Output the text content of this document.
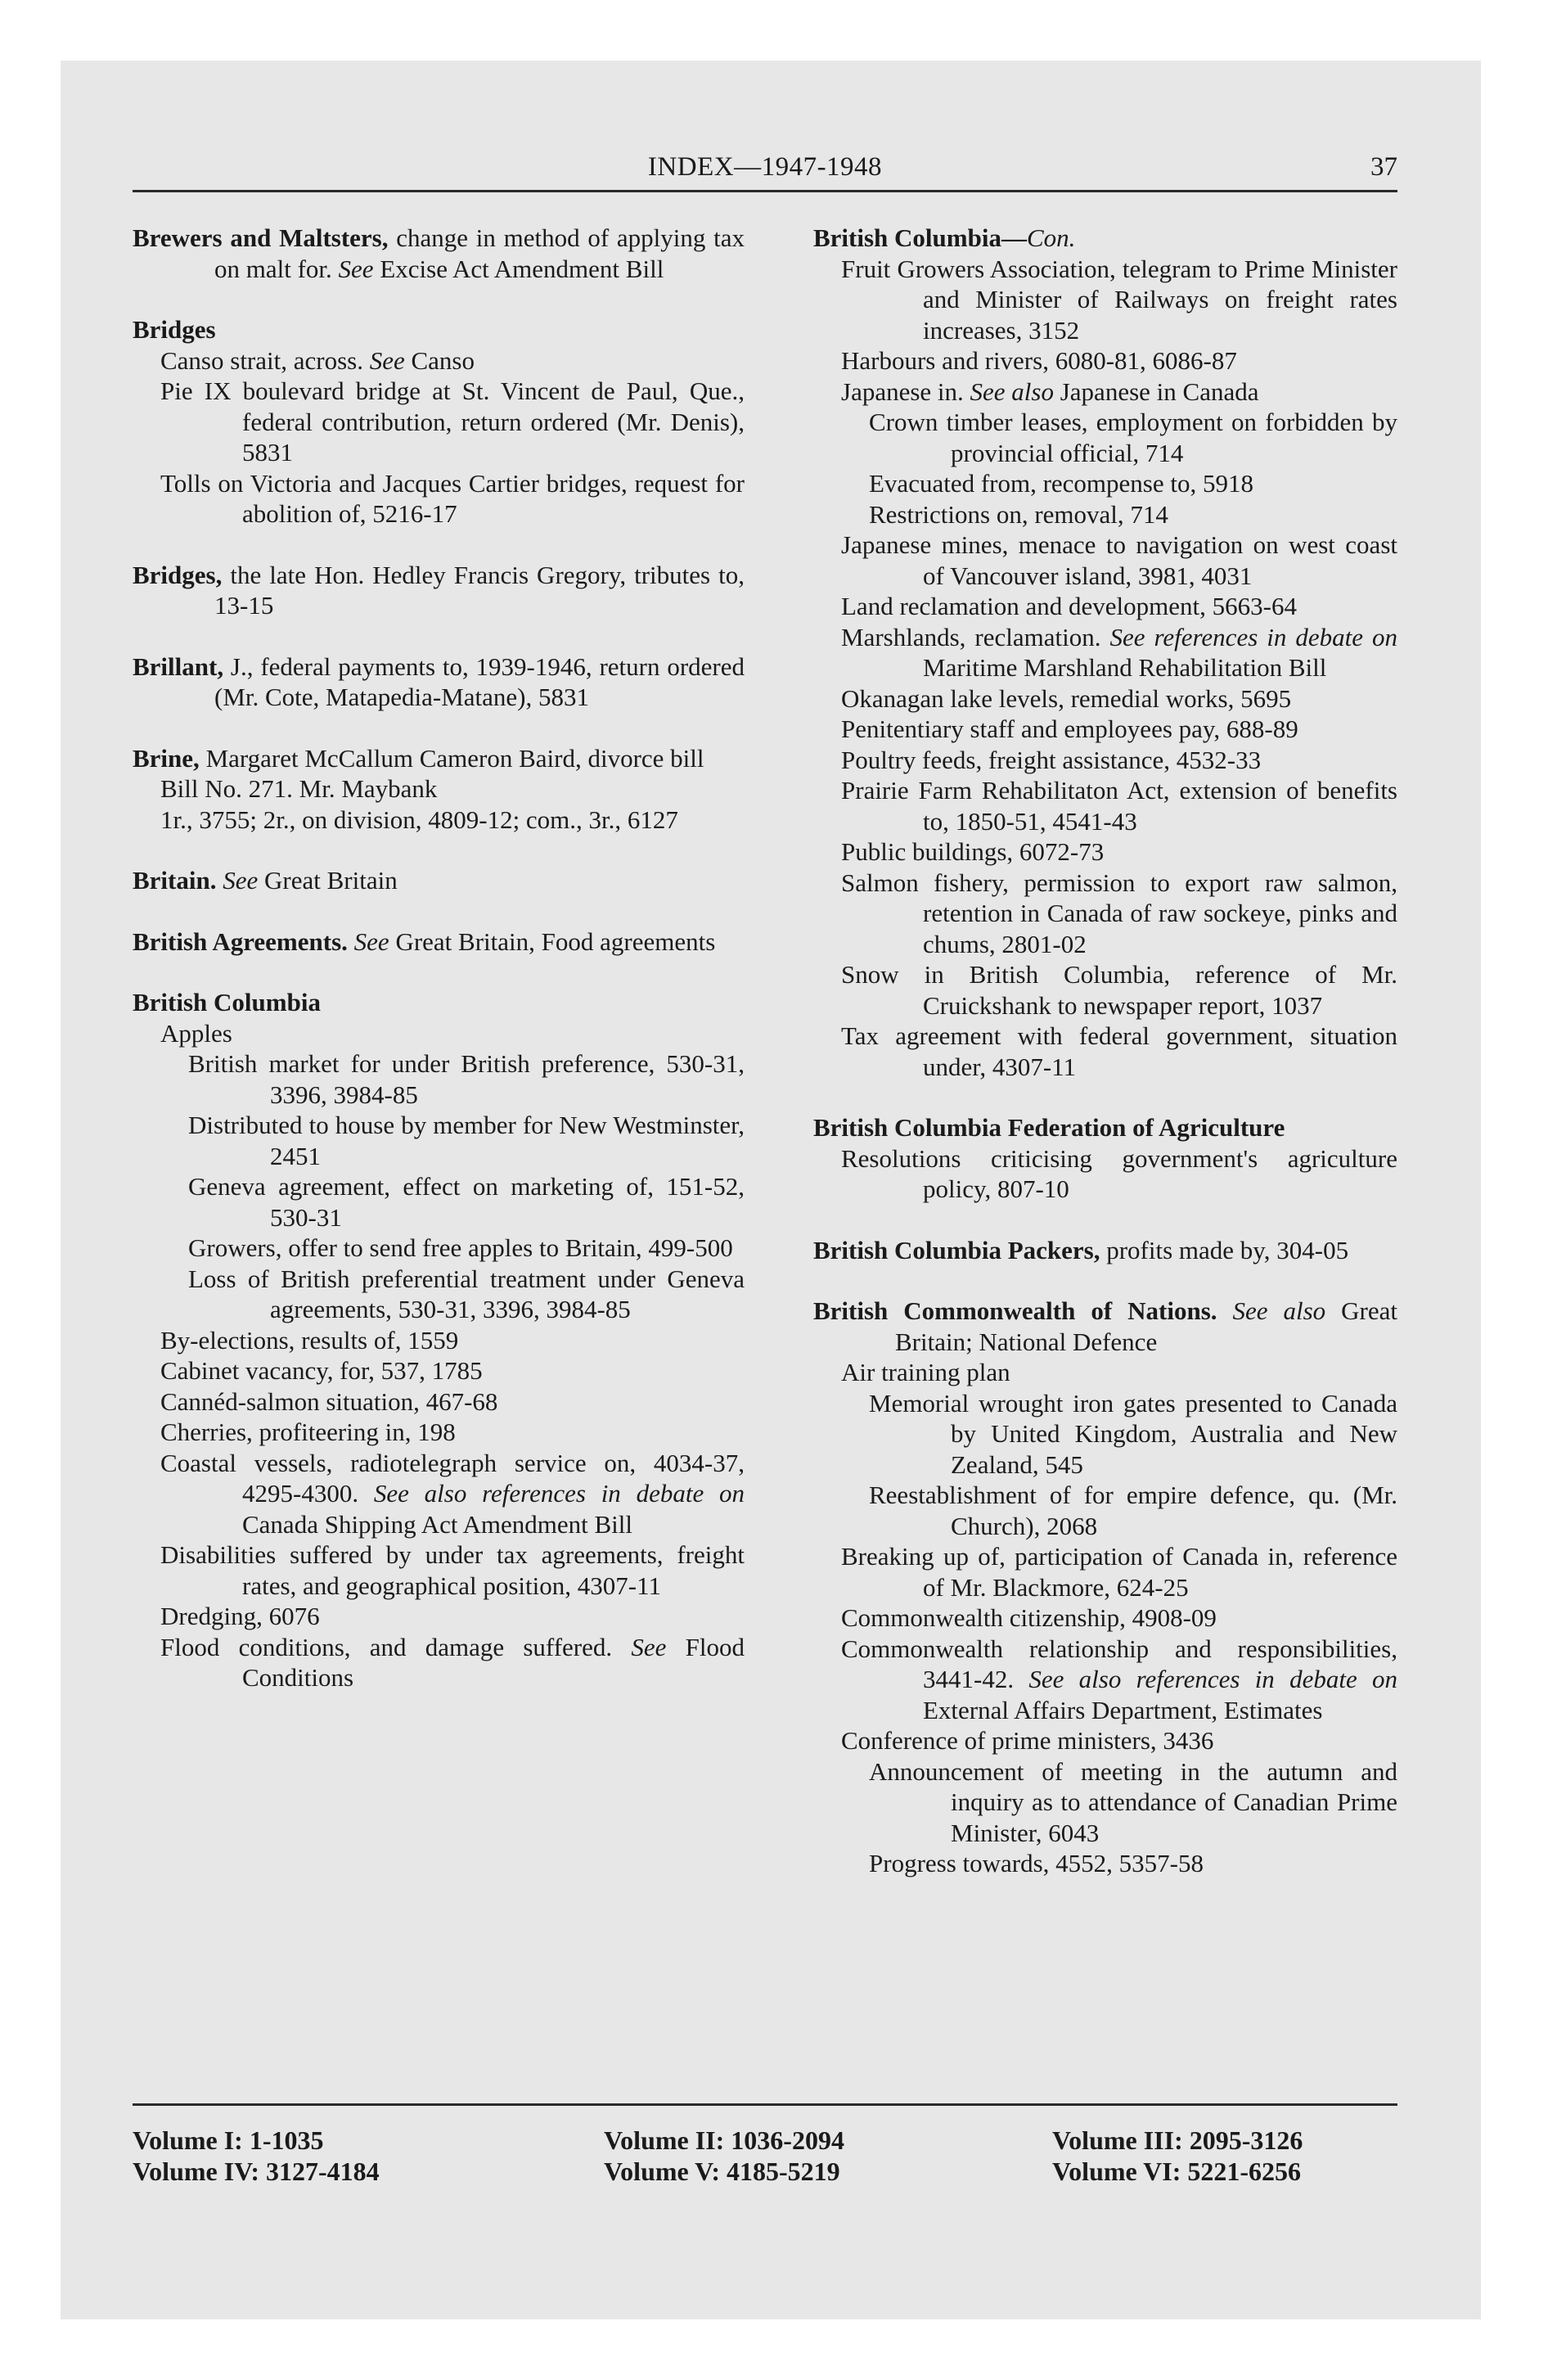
INDEX—1947-1948	37

Brewers and Maltsters, change in method of applying tax on malt for. See Excise Act Amendment Bill

Bridges

Canso strait, across. See Canso

Pie IX boulevard bridge at St. Vincent de Paul, Que., federal contribution, return ordered (Mr. Denis), 5831

Tolls on Victoria and Jacques Cartier bridges, request for abolition of, 5216-17

Bridges, the late Hon. Hedley Francis Gregory, tributes to, 13-15

Brillant, J., federal payments to, 1939-1946, return ordered (Mr. Cote, Matapedia-Matane), 5831

Brine, Margaret McCallum Cameron Baird, divorce bill

Bill No. 271. Mr. Maybank

1r., 3755; 2r., on division, 4809-12; com., 3r., 6127

Britain. See Great Britain

British Agreements. See Great Britain, Food agreements

British Columbia

Apples

British market for under British preference, 530-31, 3396, 3984-85

Distributed to house by member for New Westminster, 2451

Geneva agreement, effect on marketing of, 151-52, 530-31

Growers, offer to send free apples to Britain, 499-500

Loss of British preferential treatment under Geneva agreements, 530-31, 3396, 3984-85

By-elections, results of, 1559

Cabinet vacancy, for, 537, 1785

Cannéd-salmon situation, 467-68

Cherries, profiteering in, 198

Coastal vessels, radiotelegraph service on, 4034-37, 4295-4300. See also references in debate on Canada Shipping Act Amendment Bill

Disabilities suffered by under tax agreements, freight rates, and geographical position, 4307-11

Dredging, 6076

Flood conditions, and damage suffered. See Flood Conditions

British Columbia—Con.

Fruit Growers Association, telegram to Prime Minister and Minister of Railways on freight rates increases, 3152

Harbours and rivers, 6080-81, 6086-87

Japanese in. See also Japanese in Canada

Crown timber leases, employment on forbidden by provincial official, 714

Evacuated from, recompense to, 5918

Restrictions on, removal, 714

Japanese mines, menace to navigation on west coast of Vancouver island, 3981, 4031

Land reclamation and development, 5663-64

Marshlands, reclamation. See references in debate on Maritime Marshland Rehabilitation Bill

Okanagan lake levels, remedial works, 5695

Penitentiary staff and employees pay, 688-89

Poultry feeds, freight assistance, 4532-33

Prairie Farm Rehabilitaton Act, extension of benefits to, 1850-51, 4541-43

Public buildings, 6072-73

Salmon fishery, permission to export raw salmon, retention in Canada of raw sockeye, pinks and chums, 2801-02

Snow in British Columbia, reference of Mr. Cruickshank to newspaper report, 1037

Tax agreement with federal government, situation under, 4307-11

British Columbia Federation of Agriculture

Resolutions criticising government's agriculture policy, 807-10

British Columbia Packers, profits made by, 304-05

British Commonwealth of Nations. See also Great Britain; National Defence

Air training plan

Memorial wrought iron gates presented to Canada by United Kingdom, Australia and New Zealand, 545

Reestablishment of for empire defence, qu. (Mr. Church), 2068

Breaking up of, participation of Canada in, reference of Mr. Blackmore, 624-25

Commonwealth citizenship, 4908-09

Commonwealth relationship and responsibilities, 3441-42. See also references in debate on External Affairs Department, Estimates

Conference of prime ministers, 3436

Announcement of meeting in the autumn and inquiry as to attendance of Canadian Prime Minister, 6043

Progress towards, 4552, 5357-58

Volume I: 1-1035
Volume IV: 3127-4184
Volume II: 1036-2094
Volume V: 4185-5219
Volume III: 2095-3126
Volume VI: 5221-6256
